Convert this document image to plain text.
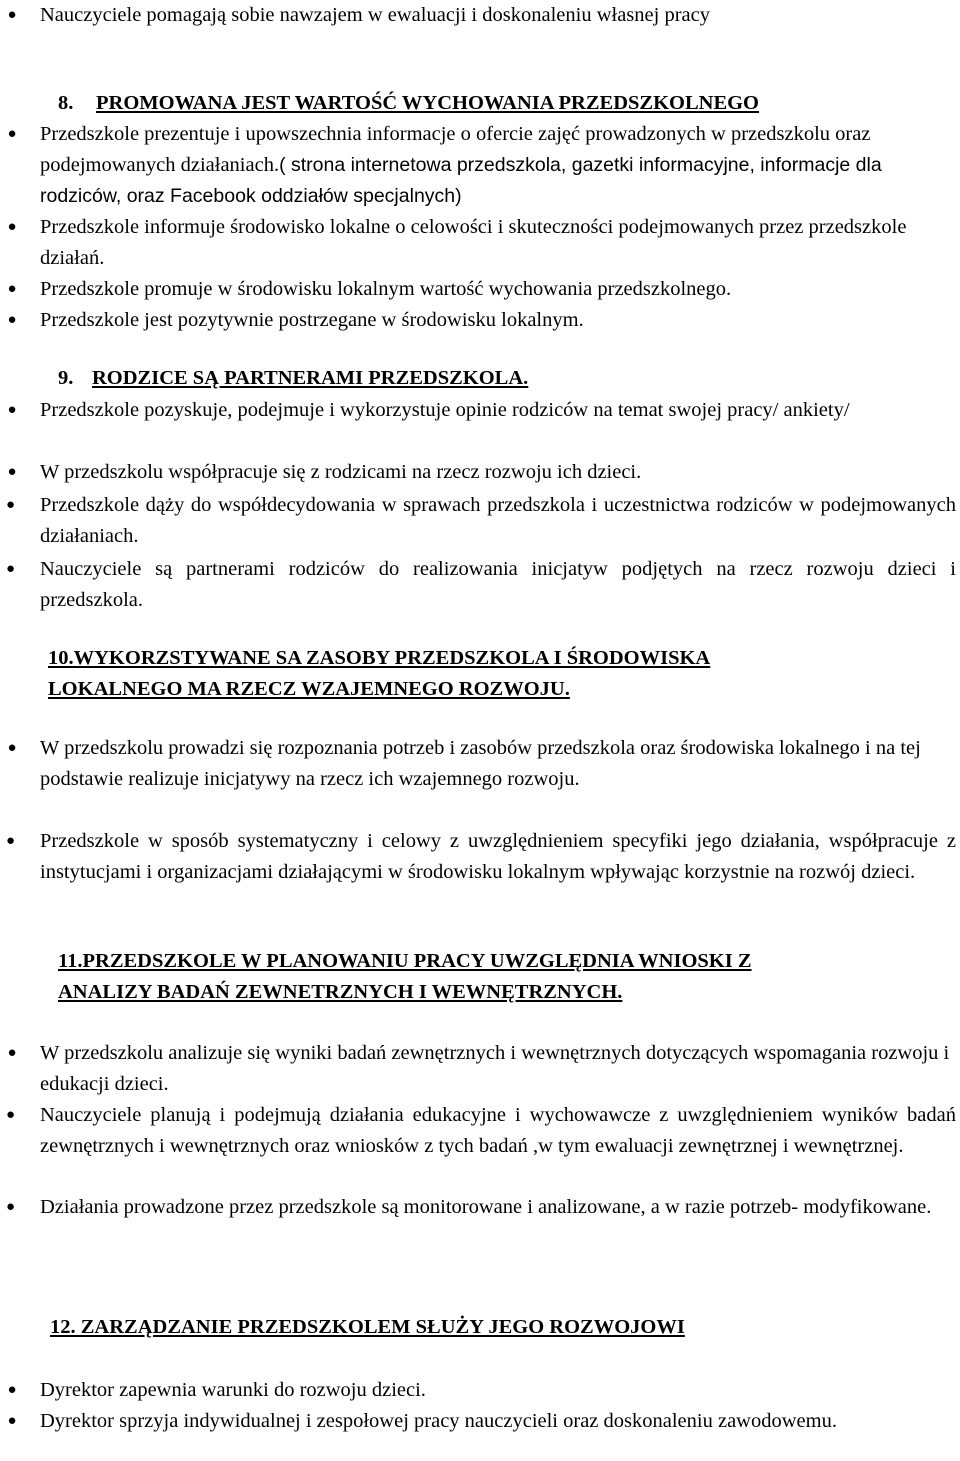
● Nauczyciele pomagają sobie nawzajem w ewaluacji i doskonaleniu własnej pracy
8. PROMOWANA JEST WARTOŚĆ WYCHOWANIA PRZEDSZKOLNEGO
● Przedszkole prezentuje i upowszechnia informacje o ofercie zajęć prowadzonych w przedszkolu oraz podejmowanych działaniach.( strona internetowa przedszkola, gazetki informacyjne, informacje dla rodziców, oraz Facebook oddziałów specjalnych)
● Przedszkole informuje środowisko lokalne o celowości i skuteczności podejmowanych przez przedszkole działań.
● Przedszkole promuje w środowisku lokalnym wartość wychowania przedszkolnego.
● Przedszkole jest pozytywnie postrzegane w środowisku lokalnym.
9. RODZICE SĄ PARTNERAMI PRZEDSZKOLA.
● Przedszkole pozyskuje, podejmuje i wykorzystuje opinie rodziców na temat swojej pracy/ ankiety/
● W przedszkolu współpracuje się z rodzicami na rzecz rozwoju ich dzieci.
● Przedszkole dąży do współdecydowania w sprawach przedszkola i uczestnictwa rodziców w podejmowanych działaniach.
● Nauczyciele są partnerami rodziców do realizowania inicjatyw podjętych na rzecz rozwoju dzieci i przedszkola.
10.WYKORZSTYWANE SA ZASOBY PRZEDSZKOLA I ŚRODOWISKA
LOKALNEGO MA RZECZ WZAJEMNEGO ROZWOJU.
● W przedszkolu prowadzi się rozpoznania potrzeb i zasobów przedszkola oraz środowiska lokalnego i na tej podstawie realizuje inicjatywy na rzecz ich wzajemnego rozwoju.
● Przedszkole w sposób systematyczny i celowy z uwzględnieniem specyfiki jego działania, współpracuje z instytucjami i organizacjami działającymi w środowisku lokalnym wpływając korzystnie na rozwój dzieci.
11.PRZEDSZKOLE W PLANOWANIU PRACY UWZGLĘDNIA WNIOSKI Z
ANALIZY BADAŃ ZEWNETRZNYCH I WEWNĘTRZNYCH.
● W przedszkolu analizuje się wyniki badań zewnętrznych i wewnętrznych dotyczących wspomagania rozwoju i edukacji dzieci.
● Nauczyciele planują i podejmują działania edukacyjne i wychowawcze z uwzględnieniem wyników badań zewnętrznych i wewnętrznych oraz wniosków z tych badań ,w tym ewaluacji zewnętrznej i wewnętrznej.
● Działania prowadzone przez przedszkole są monitorowane i analizowane, a w razie potrzeb- modyfikowane.
12. ZARZĄDZANIE PRZEDSZKOLEM SŁUŻY JEGO ROZWOJOWI
● Dyrektor zapewnia warunki do rozwoju dzieci.
● Dyrektor sprzyja indywidualnej i zespołowej pracy nauczycieli oraz doskonaleniu zawodowemu.
